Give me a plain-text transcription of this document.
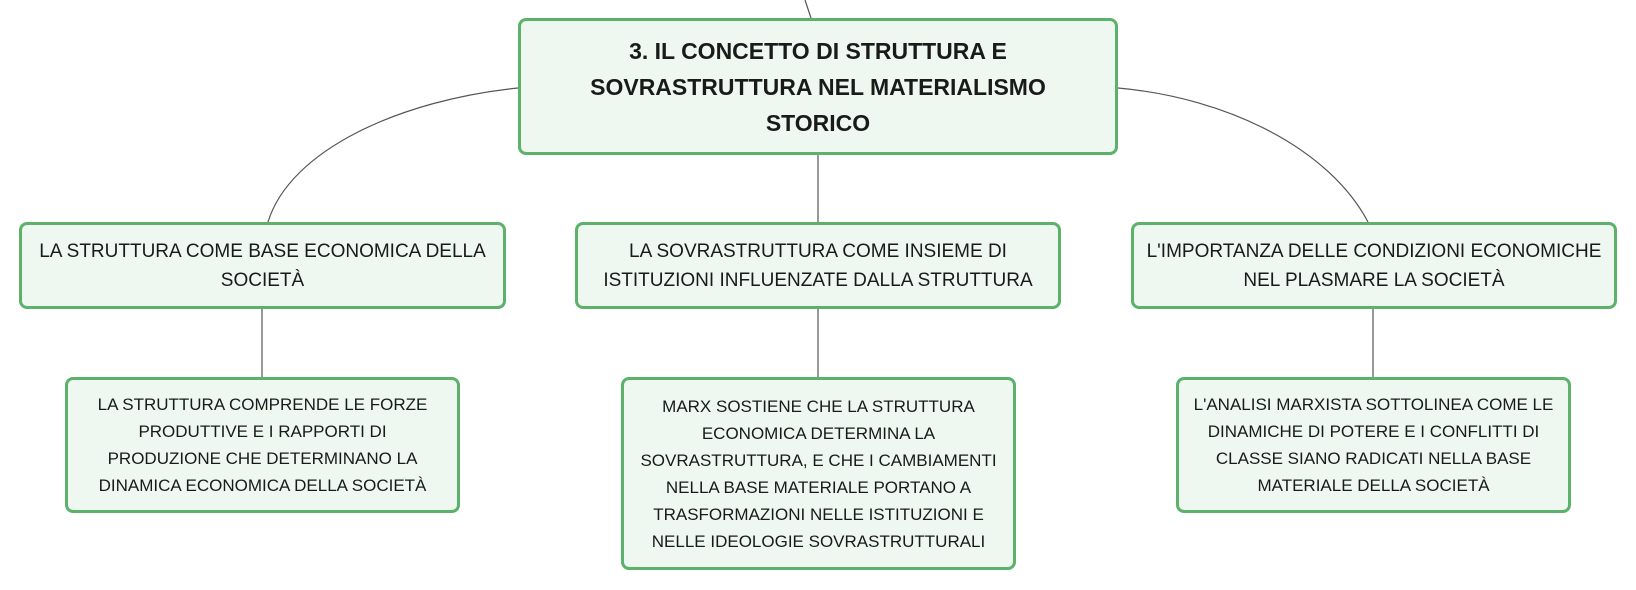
3. IL CONCETTO DI STRUTTURA E SOVRASTRUTTURA NEL MATERIALISMO STORICO
LA STRUTTURA COME BASE ECONOMICA DELLA SOCIETÀ
LA SOVRASTRUTTURA COME INSIEME DI ISTITUZIONI INFLUENZATE DALLA STRUTTURA
L'IMPORTANZA DELLE CONDIZIONI ECONOMICHE NEL PLASMARE LA SOCIETÀ
LA STRUTTURA COMPRENDE LE FORZE PRODUTTIVE E I RAPPORTI DI PRODUZIONE CHE DETERMINANO LA DINAMICA ECONOMICA DELLA SOCIETÀ
MARX SOSTIENE CHE LA STRUTTURA ECONOMICA DETERMINA LA SOVRASTRUTTURA, E CHE I CAMBIAMENTI NELLA BASE MATERIALE PORTANO A TRASFORMAZIONI NELLE ISTITUZIONI E NELLE IDEOLOGIE SOVRASTRUTTURALI
L'ANALISI MARXISTA SOTTOLINEA COME LE DINAMICHE DI POTERE E I CONFLITTI DI CLASSE SIANO RADICATI NELLA BASE MATERIALE DELLA SOCIETÀ
